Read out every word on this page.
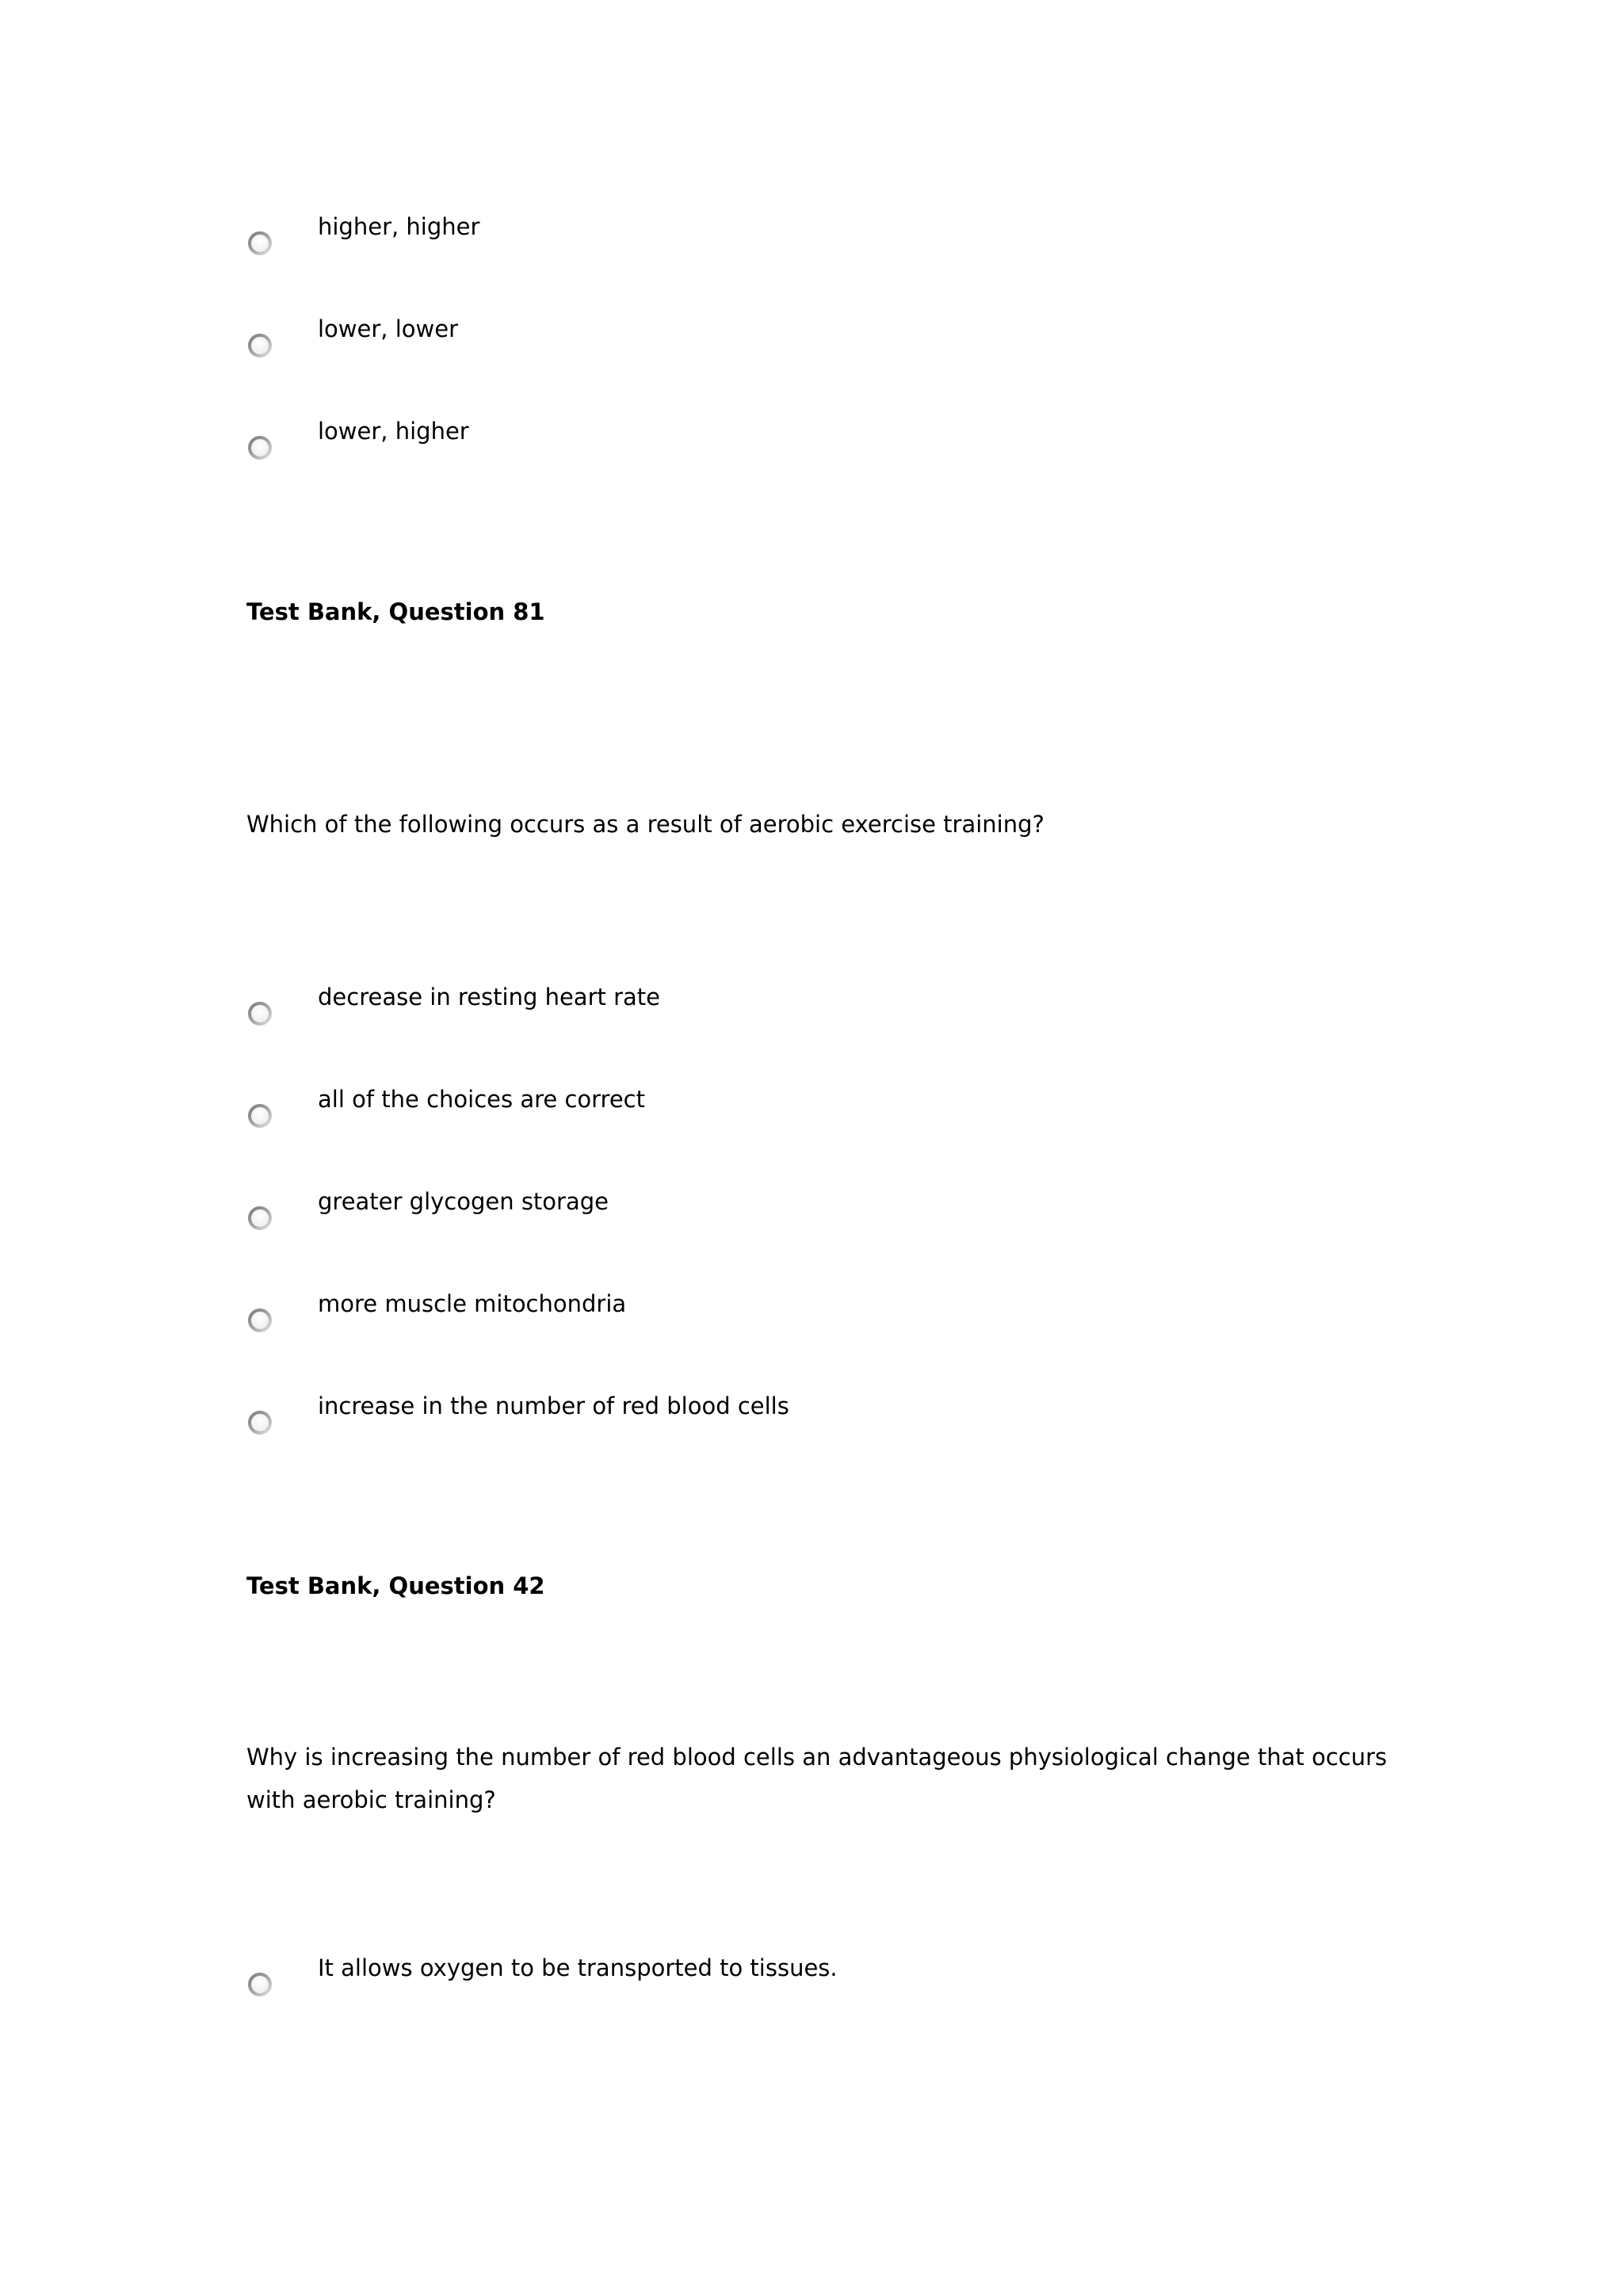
higher, higher
lower, lower
lower, higher
Test Bank, Question 81
Which of the following occurs as a result of aerobic exercise training?
decrease in resting heart rate
all of the choices are correct
greater glycogen storage
more muscle mitochondria
increase in the number of red blood cells
Test Bank, Question 42
Why is increasing the number of red blood cells an advantageous physiological change that occurs with aerobic training?
It allows oxygen to be transported to tissues.
